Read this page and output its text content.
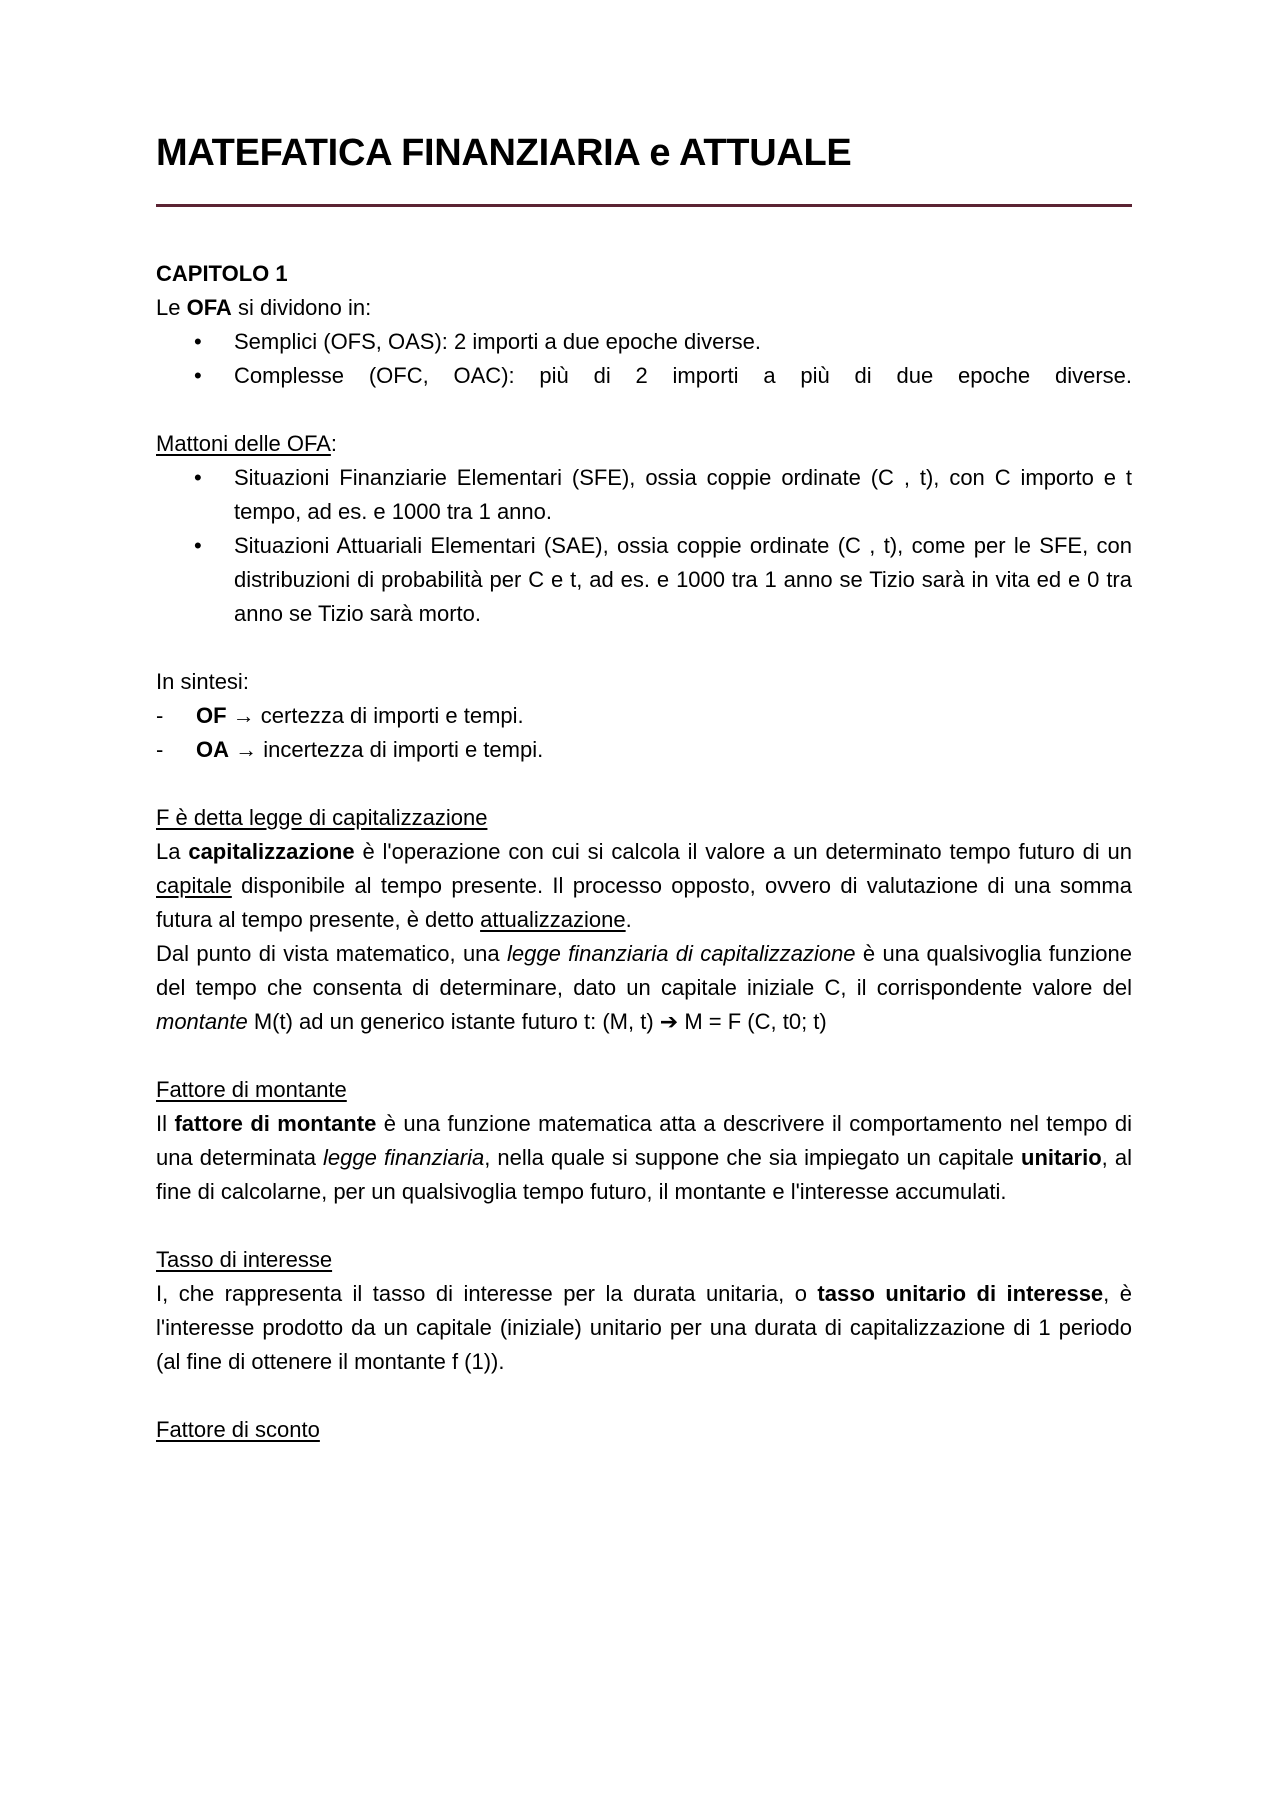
MATEFATICA FINANZIARIA e ATTUALE

CAPITOLO 1

Le OFA si dividono in:

• Semplici (OFS, OAS): 2 importi a due epoche diverse.
• Complesse (OFC, OAC): più di 2 importi a più di due epoche diverse.

Mattoni delle OFA:

• Situazioni Finanziarie Elementari (SFE), ossia coppie ordinate (C , t), con C importo e t tempo, ad es. e 1000 tra 1 anno.
• Situazioni Attuariali Elementari (SAE), ossia coppie ordinate (C , t), come per le SFE, con distribuzioni di probabilità per C e t, ad es. e 1000 tra 1 anno se Tizio sarà in vita ed e 0 tra anno se Tizio sarà morto.

In sintesi:

- OF → certezza di importi e tempi.
- OA → incertezza di importi e tempi.

F è detta legge di capitalizzazione

La capitalizzazione è l'operazione con cui si calcola il valore a un determinato tempo futuro di un capitale disponibile al tempo presente. Il processo opposto, ovvero di valutazione di una somma futura al tempo presente, è detto attualizzazione.

Dal punto di vista matematico, una legge finanziaria di capitalizzazione è una qualsivoglia funzione del tempo che consenta di determinare, dato un capitale iniziale C, il corrispondente valore del montante M(t) ad un generico istante futuro t: (M, t) ➔ M = F (C, t0; t)

Fattore di montante

Il fattore di montante è una funzione matematica atta a descrivere il comportamento nel tempo di una determinata legge finanziaria, nella quale si suppone che sia impiegato un capitale unitario, al fine di calcolarne, per un qualsivoglia tempo futuro, il montante e l'interesse accumulati.

Tasso di interesse

I, che rappresenta il tasso di interesse per la durata unitaria, o tasso unitario di interesse, è l'interesse prodotto da un capitale (iniziale) unitario per una durata di capitalizzazione di 1 periodo (al fine di ottenere il montante f (1)).

Fattore di sconto
